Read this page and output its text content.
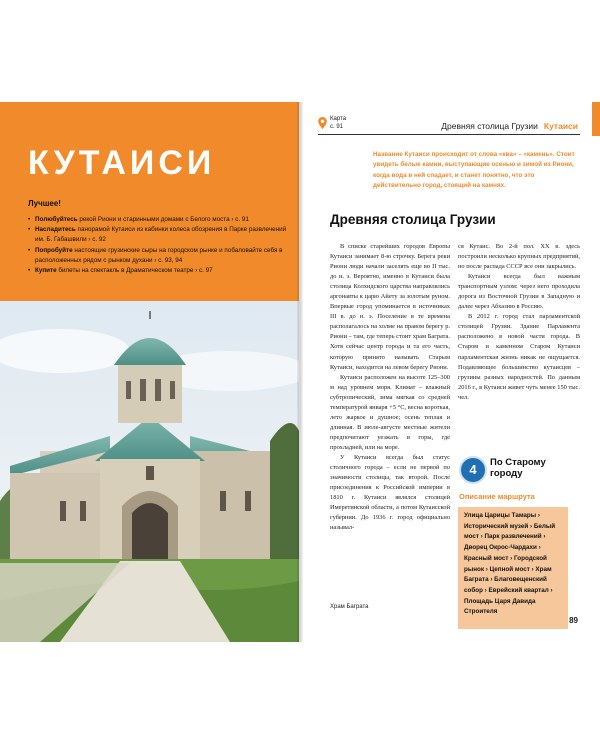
КУТАИСИ
Лучшее!
• Полюбуйтесь рекой Риони и старинными домами с Белого моста › с. 91
• Насладитесь панорамой Кутаиси из кабинки колеса обозрения в Парке развлечений им. Б. Габашвили › с. 92
• Попробуйте настоящие грузинские сыры на городском рынке и побаловайте себя в расположенных рядом с рынком духани › с. 93, 94
• Купите билеты на спектакль в Драматическом театре › с. 97
Карта
с. 91	Древняя столица Грузии Кутаиси
Название Кутаиси происходит от слова «ква» – «камень». Стоит увидеть белые камни, выступающие осенью и зимой из Риони, когда вода в ней спадает, и станет понятно, что это действительно город, стоящий на камнях.
Древняя столица Грузии

В списке старейших городов Европы Кутаиси занимает 8-ю строчку. Берега реки Риони люди начали заселять еще во II тыс. до н. э. Вероятно, именно в Кутаиси была столица Колхидского царства направлялись аргонавты к царю Айету за золотым руном. Впервые город упоминается в источниках III в. до н. э. Поселение в те времена располагалось на холме на правом берегу р. Риони – там, где теперь стоит храм Баграта. Хотя сейчас центр города и та его часть, которую принято называть Старым Кутаиси, находится на левом берегу Риони.

Кутаиси расположен на высоте 125–300 м над уровнем моря. Климат – влажный субтропический, зима мягкая со средней температурой января +5 °C, весна короткая, лето жаркое и душное; осень теплая и длинная. В июле-августе местные жители предпочитают уезжать в горы, где прохладней, или на море.

У Кутаиси всегда был статус столичного города – если не первой по значимости столицы, так второй. После присоединения к Российской империи в 1810 г. Кутаиси являлся столицей Имеретинской области, а потом Кутаисской губернии. До 1936 г. город официально называл-

Храм Баграта

ся Кутаис. Во 2-й пол. XX в. здесь построили несколько крупных предприятий, но после распада СССР все они закрылись.

Кутаиси всегда был важным транспортным узлом: через него проходила дорога из Восточной Грузии в Западную и далее через Абхазию в Россию.

В 2012 г. город стал парламентской столицей Грузии. Здание Парламента расположено в новой части города. В Старом и каменном Старом Кутаиси парламентская жизнь никак не ощущается. Подавляющее большинство кутаисцев – грузины разных народностей. По данным 2016 г., в Кутаиси живет чуть менее 150 тыс. чел.

4	По Старому
городу
Описание маршрута
Улица Царицы Тамары › Исторический музей › Белый мост › Парк развлечений › Дворец Окрос-Чардахи › Красный мост › Городской рынок › Цепной мост › Храм Баграта › Благовещенский собор › Еврейский квартал › Площадь Царя Давида Строителя
89
